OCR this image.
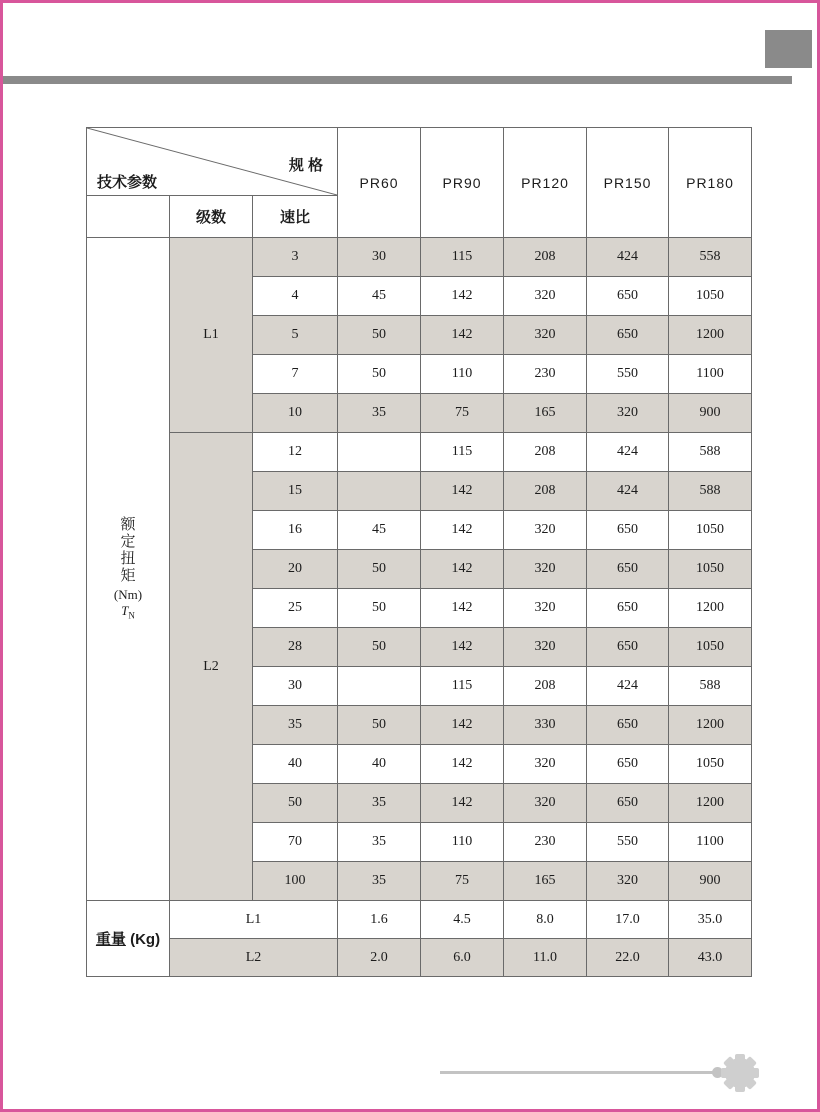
规 格
技术参数			PR60	PR90	PR120	PR150	PR180
	级数	速比					

额
定
扭
矩
(Nm)
$T_N$
	L1	3	30	115	208	424	558
		4	45	142	320	650	1050
		5	50	142	320	650	1200
		7	50	110	230	550	1100
		10	35	75	165	320	900
	L2	12		115	208	424	588
		15		142	208	424	588
		16	45	142	320	650	1050
		20	50	142	320	650	1050
		25	50	142	320	650	1200
		28	50	142	320	650	1050
		30		115	208	424	588
		35	50	142	330	650	1200
		40	40	142	320	650	1050
		50	35	142	320	650	1200
		70	35	110	230	550	1100
		100	35	75	165	320	900
重量 (Kg)	L1		1.6	4.5	8.0	17.0	35.0
	L2		2.0	6.0	11.0	22.0	43.0
